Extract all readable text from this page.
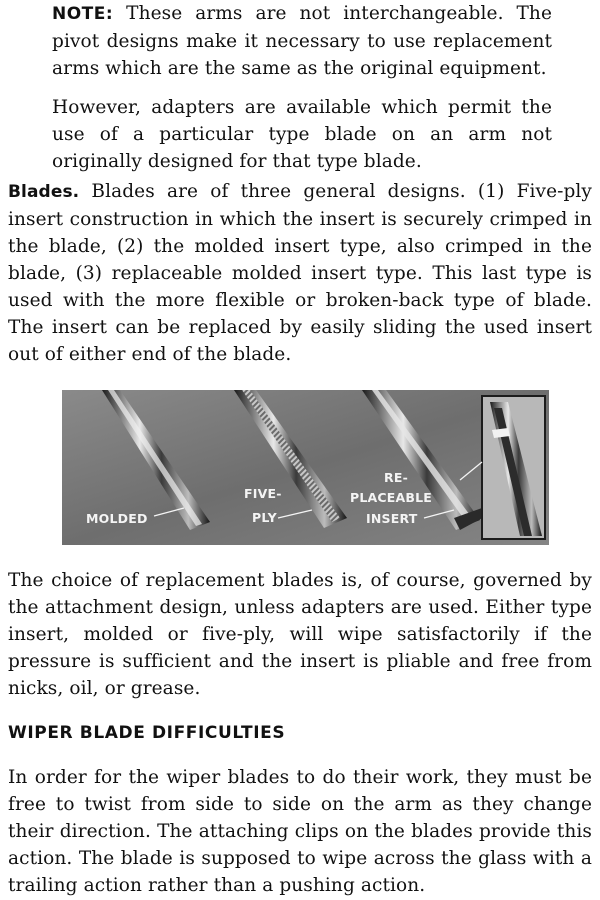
NOTE: These arms are not interchangeable. The pivot designs make it necessary to use replacement arms which are the same as the original equipment.

However, adapters are available which permit the use of a particular type blade on an arm not originally designed for that type blade.

Blades. Blades are of three general designs. (1) Five-ply insert construction in which the insert is securely crimped in the blade, (2) the molded insert type, also crimped in the blade, (3) replaceable molded insert type. This last type is used with the more flexible or broken-back type of blade. The insert can be replaced by easily sliding the used insert out of either end of the blade.

MOLDED
FIVE-
PLY
RE-
PLACEABLE
INSERT

The choice of replacement blades is, of course, governed by the attachment design, unless adapters are used. Either type insert, molded or five-ply, will wipe satisfactorily if the pressure is sufficient and the insert is pliable and free from nicks, oil, or grease.

WIPER BLADE DIFFICULTIES

In order for the wiper blades to do their work, they must be free to twist from side to side on the arm as they change their direction. The attaching clips on the blades provide this action. The blade is supposed to wipe across the glass with a trailing action rather than a pushing action.
